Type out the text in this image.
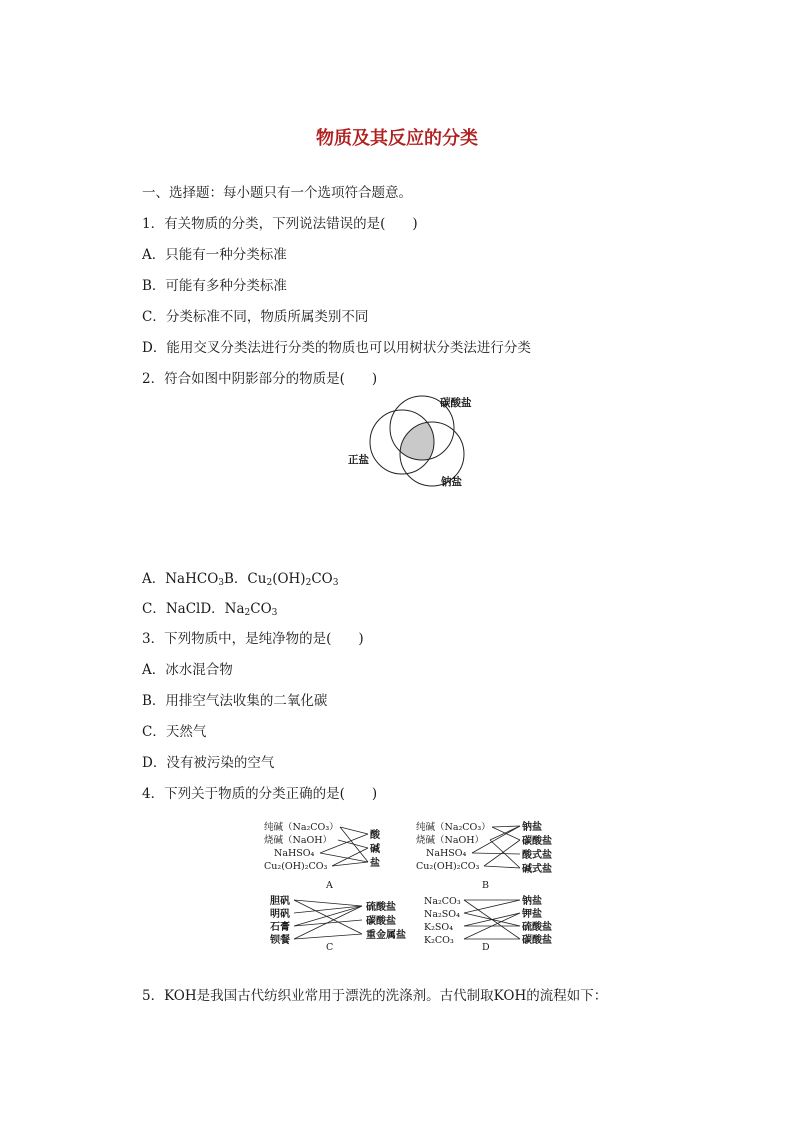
物质及其反应的分类
一、选择题：每小题只有一个选项符合题意。
1．有关物质的分类，下列说法错误的是(　　)
A．只能有一种分类标准
B．可能有多种分类标准
C．分类标准不同，物质所属类别不同
D．能用交叉分类法进行分类的物质也可以用树状分类法进行分类
2．符合如图中阴影部分的物质是(　　)
碳酸盐
正盐
钠盐
A．NaHCO$_3$B．$Cu_2(OH)_2CO_3$
C．NaClD．$Na_2CO_3$
3．下列物质中，是纯净物的是(　　)
A．冰水混合物
B．用排空气法收集的二氧化碳
C．天然气
D．没有被污染的空气
4．下列关于物质的分类正确的是(　　)
纯碱（Na₂CO₃）
烧碱（NaOH）
NaHSO₄
Cu₂(OH)₂CO₃
酸
碱
盐
A
纯碱（Na₂CO₃）
烧碱（NaOH）
NaHSO₄
Cu₂(OH)₂CO₃
钠盐
碳酸盐
酸式盐
碱式盐
B
胆矾
明矾
石膏
钡餐
硫酸盐
碳酸盐
重金属盐
C
Na₂CO₃
Na₂SO₄
K₂SO₄
K₂CO₃
钠盐
钾盐
硫酸盐
碳酸盐
D
5．KOH是我国古代纺织业常用于漂洗的洗涤剂。古代制取KOH的流程如下：
